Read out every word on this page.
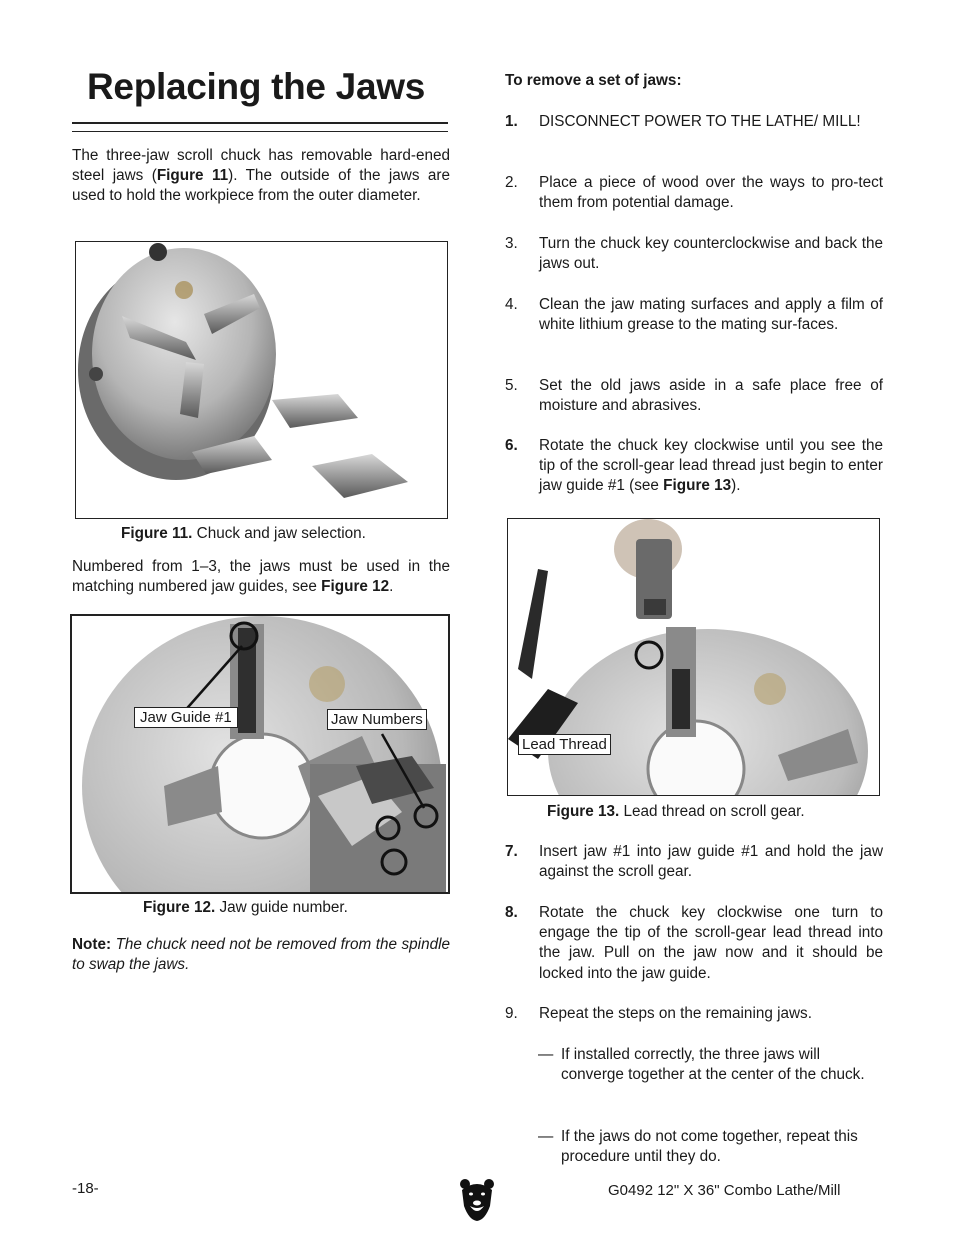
Replacing the Jaws
The three-jaw scroll chuck has removable hard-ened steel jaws (Figure 11). The outside of the jaws are used to hold the workpiece from the outer diameter.
Figure 11. Chuck and jaw selection.
Numbered from 1–3, the jaws must be used in the matching numbered jaw guides, see Figure 12.
Jaw Guide #1	Jaw Numbers
Figure 12. Jaw guide number.
Note: The chuck need not be removed from the spindle to swap the jaws.
To remove a set of jaws:
1. DISCONNECT POWER TO THE LATHE/ MILL!
2. Place a piece of wood over the ways to pro-tect them from potential damage.
3. Turn the chuck key counterclockwise and back the jaws out.
4. Clean the jaw mating surfaces and apply a film of white lithium grease to the mating sur-faces.
5. Set the old jaws aside in a safe place free of moisture and abrasives.
6. Rotate the chuck key clockwise until you see the tip of the scroll-gear lead thread just begin to enter jaw guide #1 (see Figure 13).
Lead Thread
Figure 13. Lead thread on scroll gear.
7. Insert jaw #1 into jaw guide #1 and hold the jaw against the scroll gear.
8. Rotate the chuck key clockwise one turn to engage the tip of the scroll-gear lead thread into the jaw. Pull on the jaw now and it should be locked into the jaw guide.
9. Repeat the steps on the remaining jaws.
— If installed correctly, the three jaws will converge together at the center of the chuck.
— If the jaws do not come together, repeat this procedure until they do.
-18-	G0492 12" X 36" Combo Lathe/Mill
